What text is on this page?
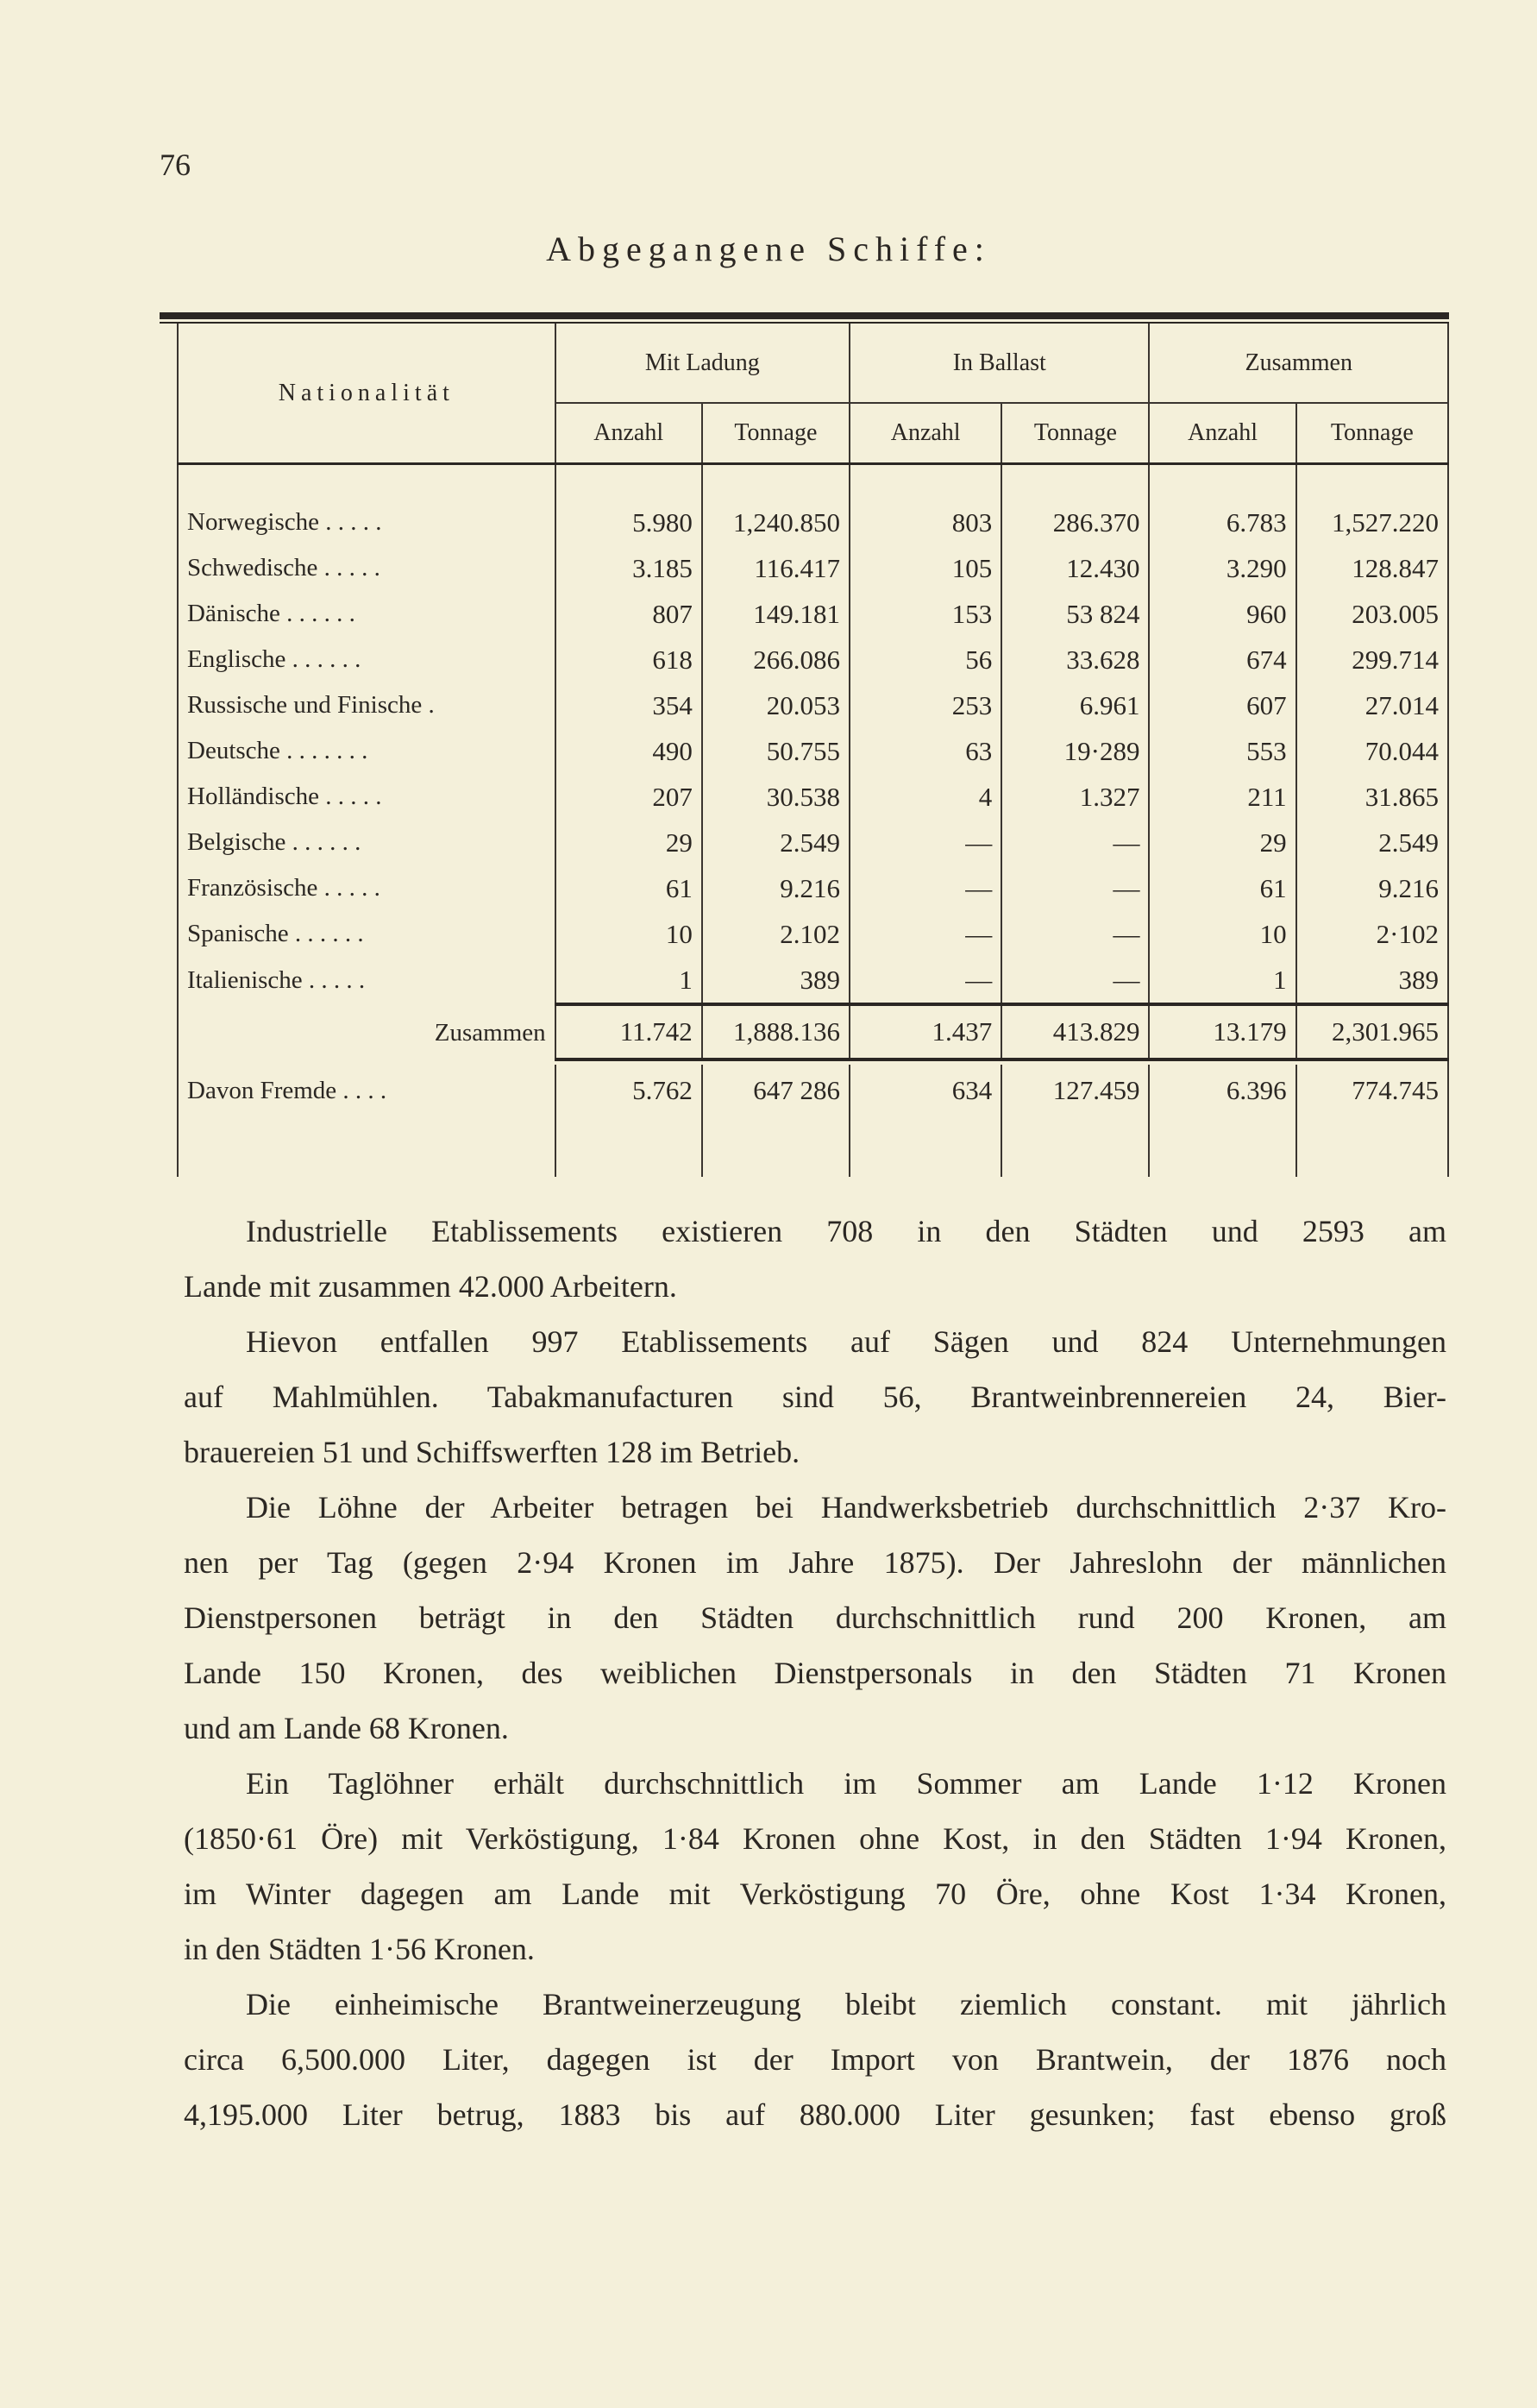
76
Abgegangene Schiffe:
Nationalität	Mit Ladung		In Ballast		Zusammen	
	Anzahl	Tonnage	Anzahl	Tonnage	Anzahl	Tonnage

Norwegische . . . . .	5.980	1,240.850	803	286.370	6.783	1,527.220
Schwedische . . . . .	3.185	116.417	105	12.430	3.290	128.847
Dänische . . . . . .	807	149.181	153	53 824	960	203.005
Englische . . . . . .	618	266.086	56	33.628	674	299.714
Russische und Finische .	354	20.053	253	6.961	607	27.014
Deutsche . . . . . . .	490	50.755	63	19·289	553	70.044
Holländische . . . . .	207	30.538	4	1.327	211	31.865
Belgische . . . . . .	29	2.549	—	—	29	2.549
Französische . . . . .	61	9.216	—	—	61	9.216
Spanische . . . . . .	10	2.102	—	—	10	2·102
Italienische . . . . .	1	389	—	—	1	389

Zusammen	11.742	1,888.136	1.437	413.829	13.179	2,301.965

Davon Fremde . . . .	5.762	647 286	634	127.459	6.396	774.745

Industrielle Etablissements existieren 708 in den Städten und 2593 am
Lande mit zusammen 42.000 Arbeitern.
Hievon entfallen 997 Etablissements auf Sägen und 824 Unternehmungen
auf Mahlmühlen. Tabakmanufacturen sind 56, Brantweinbrennereien 24, Bier-
brauereien 51 und Schiffswerften 128 im Betrieb.
Die Löhne der Arbeiter betragen bei Handwerksbetrieb durchschnittlich 2·37 Kro-
nen per Tag (gegen 2·94 Kronen im Jahre 1875). Der Jahreslohn der männlichen
Dienstpersonen beträgt in den Städten durchschnittlich rund 200 Kronen, am
Lande 150 Kronen, des weiblichen Dienstpersonals in den Städten 71 Kronen
und am Lande 68 Kronen.
Ein Taglöhner erhält durchschnittlich im Sommer am Lande 1·12 Kronen
(1850·61 Öre) mit Verköstigung, 1·84 Kronen ohne Kost, in den Städten 1·94 Kronen,
im Winter dagegen am Lande mit Verköstigung 70 Öre, ohne Kost 1·34 Kronen,
in den Städten 1·56 Kronen.
Die einheimische Brantweinerzeugung bleibt ziemlich constant. mit jährlich
circa 6,500.000 Liter, dagegen ist der Import von Brantwein, der 1876 noch
4,195.000 Liter betrug, 1883 bis auf 880.000 Liter gesunken; fast ebenso groß
